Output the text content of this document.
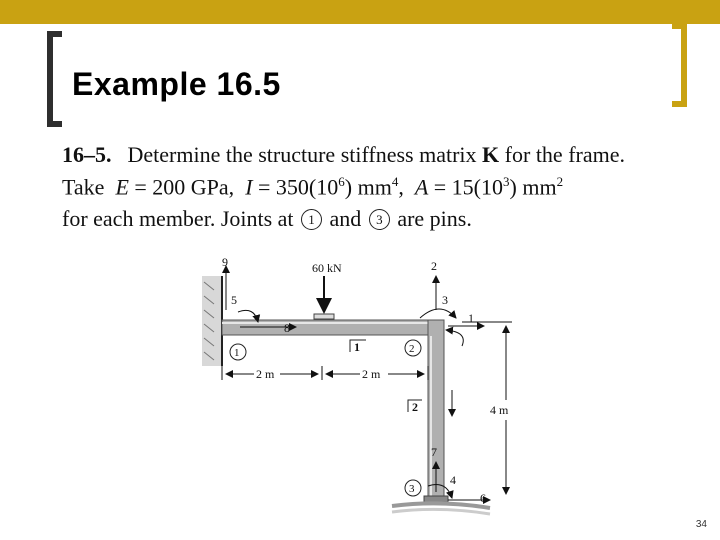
Example 16.5
16–5. Determine the structure stiffness matrix K for the frame.
Take E = 200 GPa, $I = 350(10^6)$ $mm^4$, $A = 15(10^3)$ $mm^2$
for each member. Joints at 1 and 3 are pins.
60 kN
9
5
8
2
3
1
7
4
6
1	2
3
1
2
2 m	2 m
4 m
34
